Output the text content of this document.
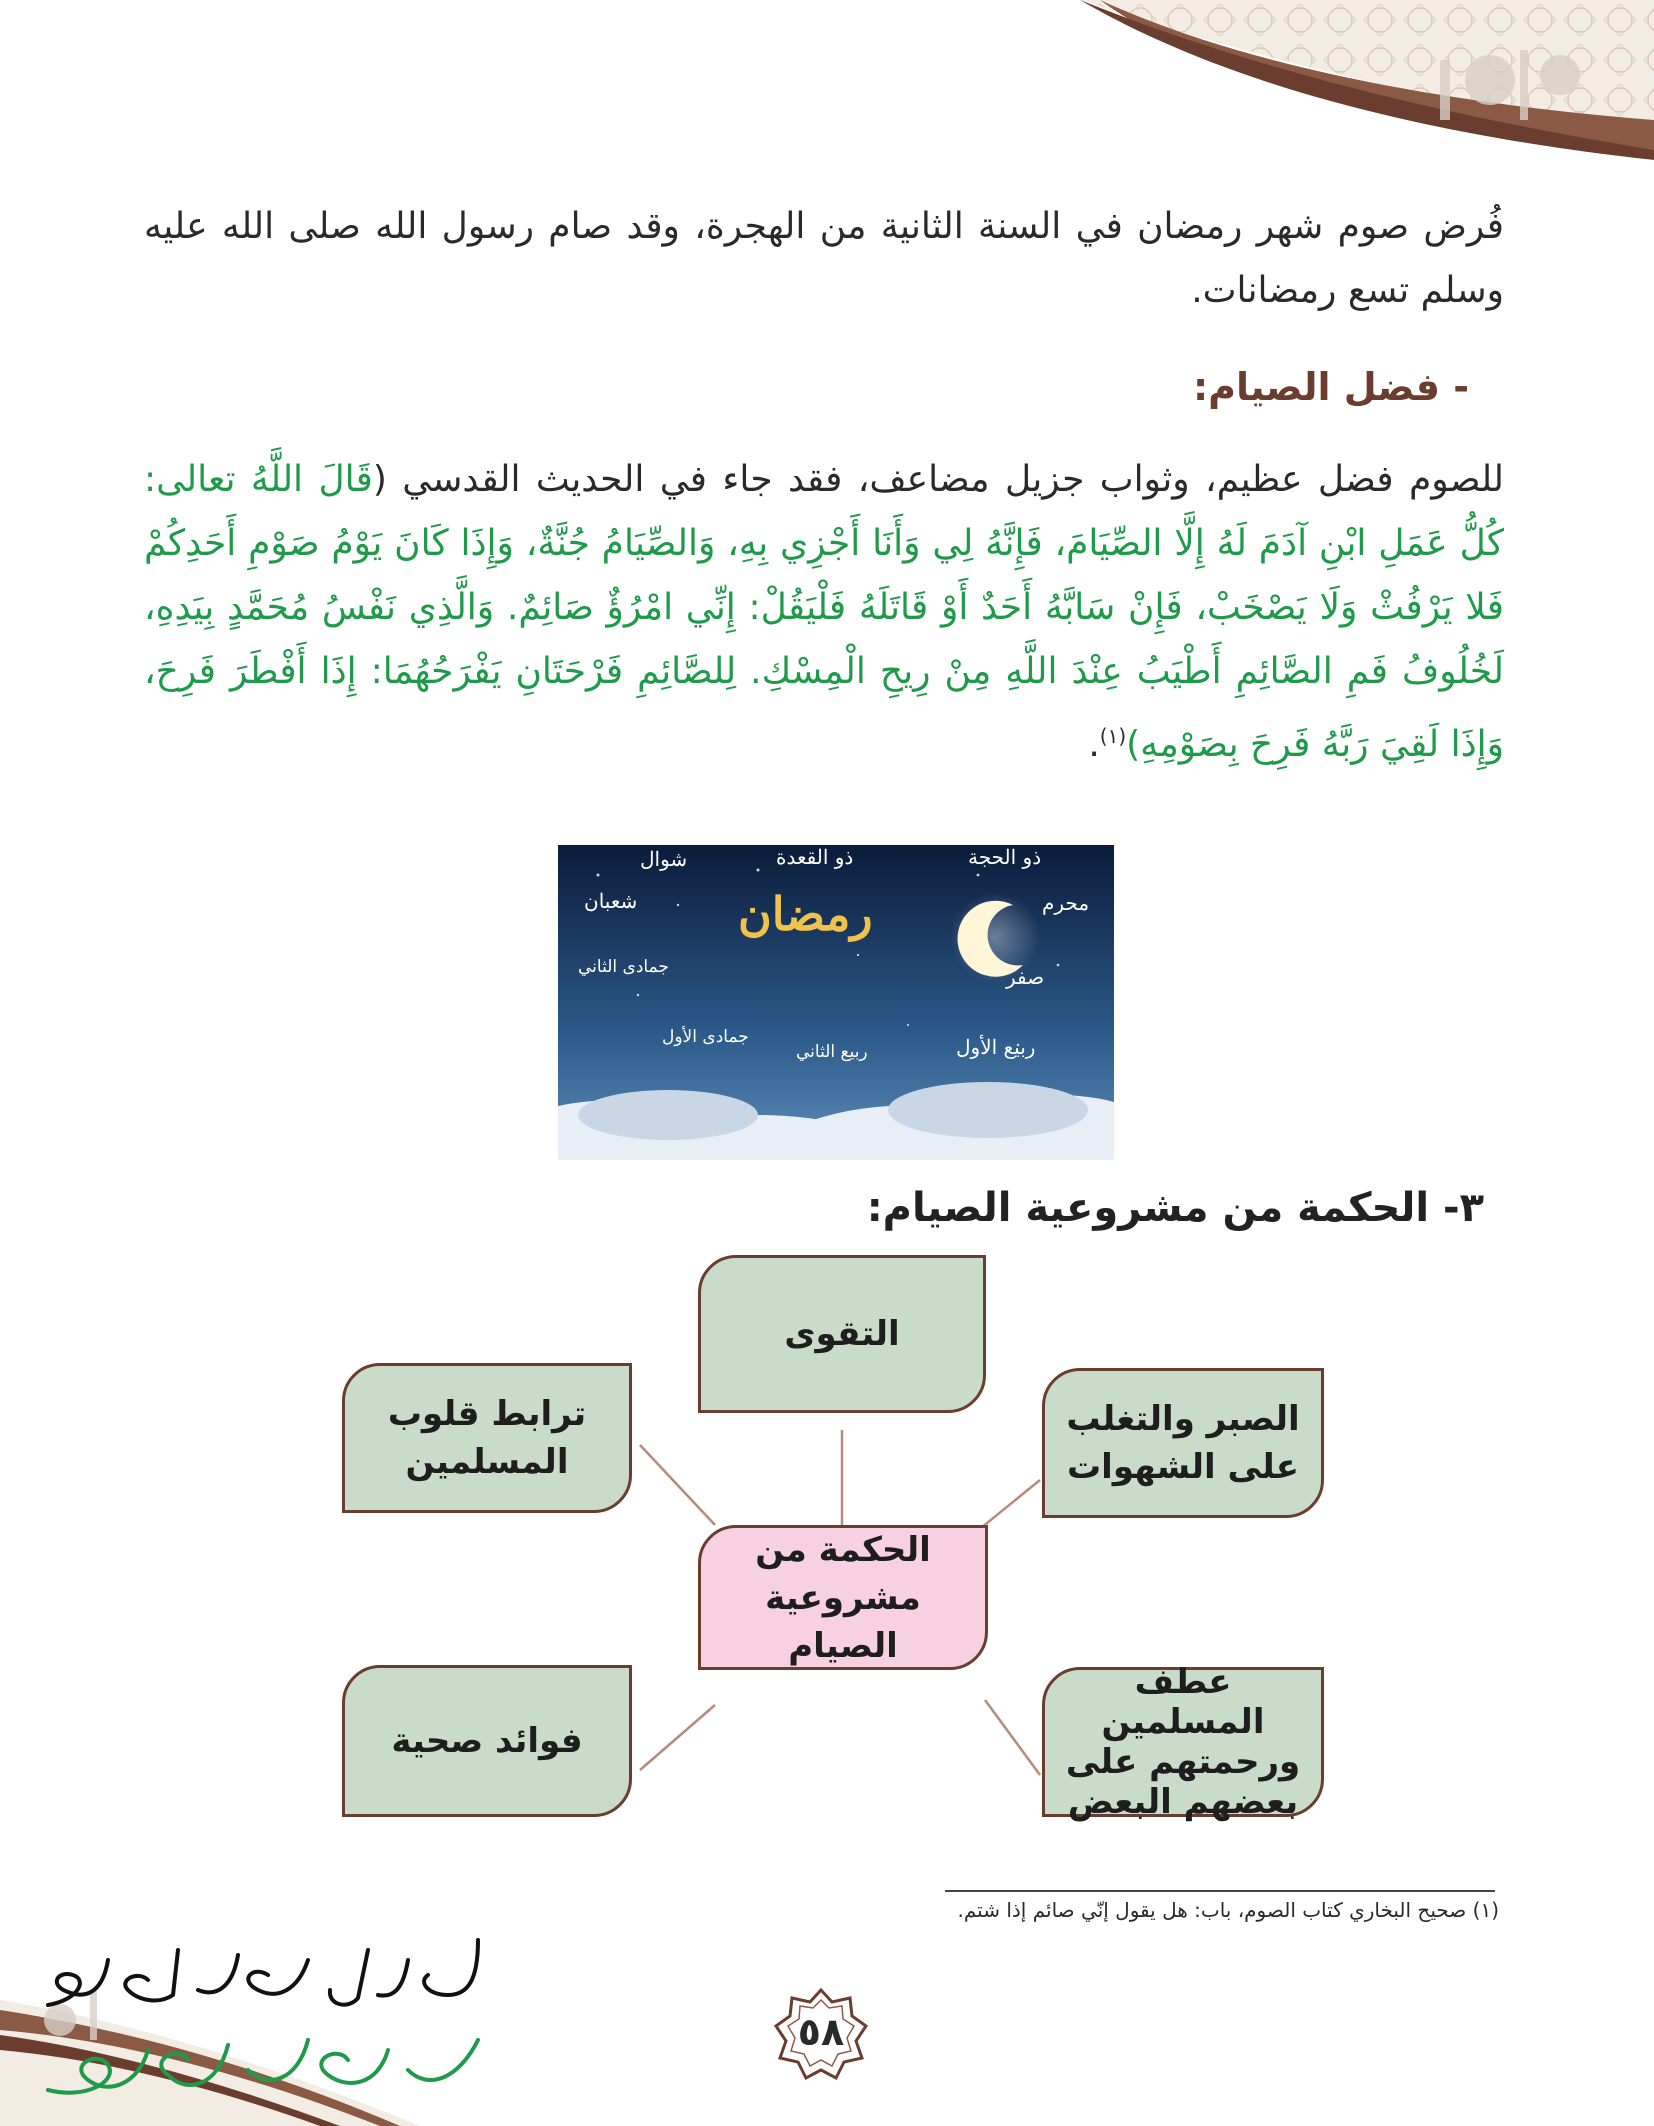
فُرض صوم شهر رمضان في السنة الثانية من الهجرة، وقد صام رسول الله صلى الله عليه
وسلم تسع رمضانات.
- فضل الصيام:
للصوم فضل عظيم، وثواب جزيل مضاعف، فقد جاء في الحديث القدسي (قَالَ اللَّهُ تعالى:
كُلُّ عَمَلِ ابْنِ آدَمَ لَهُ إِلَّا الصِّيَامَ، فَإِنَّهُ لِي وَأَنَا أَجْزِي بِهِ، وَالصِّيَامُ جُنَّةٌ، وَإِذَا كَانَ يَوْمُ صَوْمِ أَحَدِكُمْ
فَلا يَرْفُثْ وَلَا يَصْخَبْ، فَإِنْ سَابَّهُ أَحَدٌ أَوْ قَاتَلَهُ فَلْيَقُلْ: إِنِّي امْرُؤٌ صَائِمٌ. وَالَّذِي نَفْسُ مُحَمَّدٍ بِيَدِهِ،
لَخُلُوفُ فَمِ الصَّائِمِ أَطْيَبُ عِنْدَ اللَّهِ مِنْ رِيحِ الْمِسْكِ. لِلصَّائِمِ فَرْحَتَانِ يَفْرَحُهُمَا: إِذَا أَفْطَرَ فَرِحَ،
وَإِذَا لَقِيَ رَبَّهُ فَرِحَ بِصَوْمِهِ)$^{(١)}$.
رمضان
ذو الحجة
ذو القعدة
شوال
محرم
شعبان
صفر
جمادى الثاني
ربيع الأول
ربيع الثاني
جمادى الأول
٣- الحكمة من مشروعية الصيام:
التقوى
الصبر والتغلب على الشهوات
ترابط قلوب المسلمين
الحكمة من مشروعية الصيام
عطف المسلمين ورحمتهم على بعضهم البعض
فوائد صحية
(١) صحيح البخاري كتاب الصوم، باب: هل يقول إنّي صائم إذا شتم.
٥٨
